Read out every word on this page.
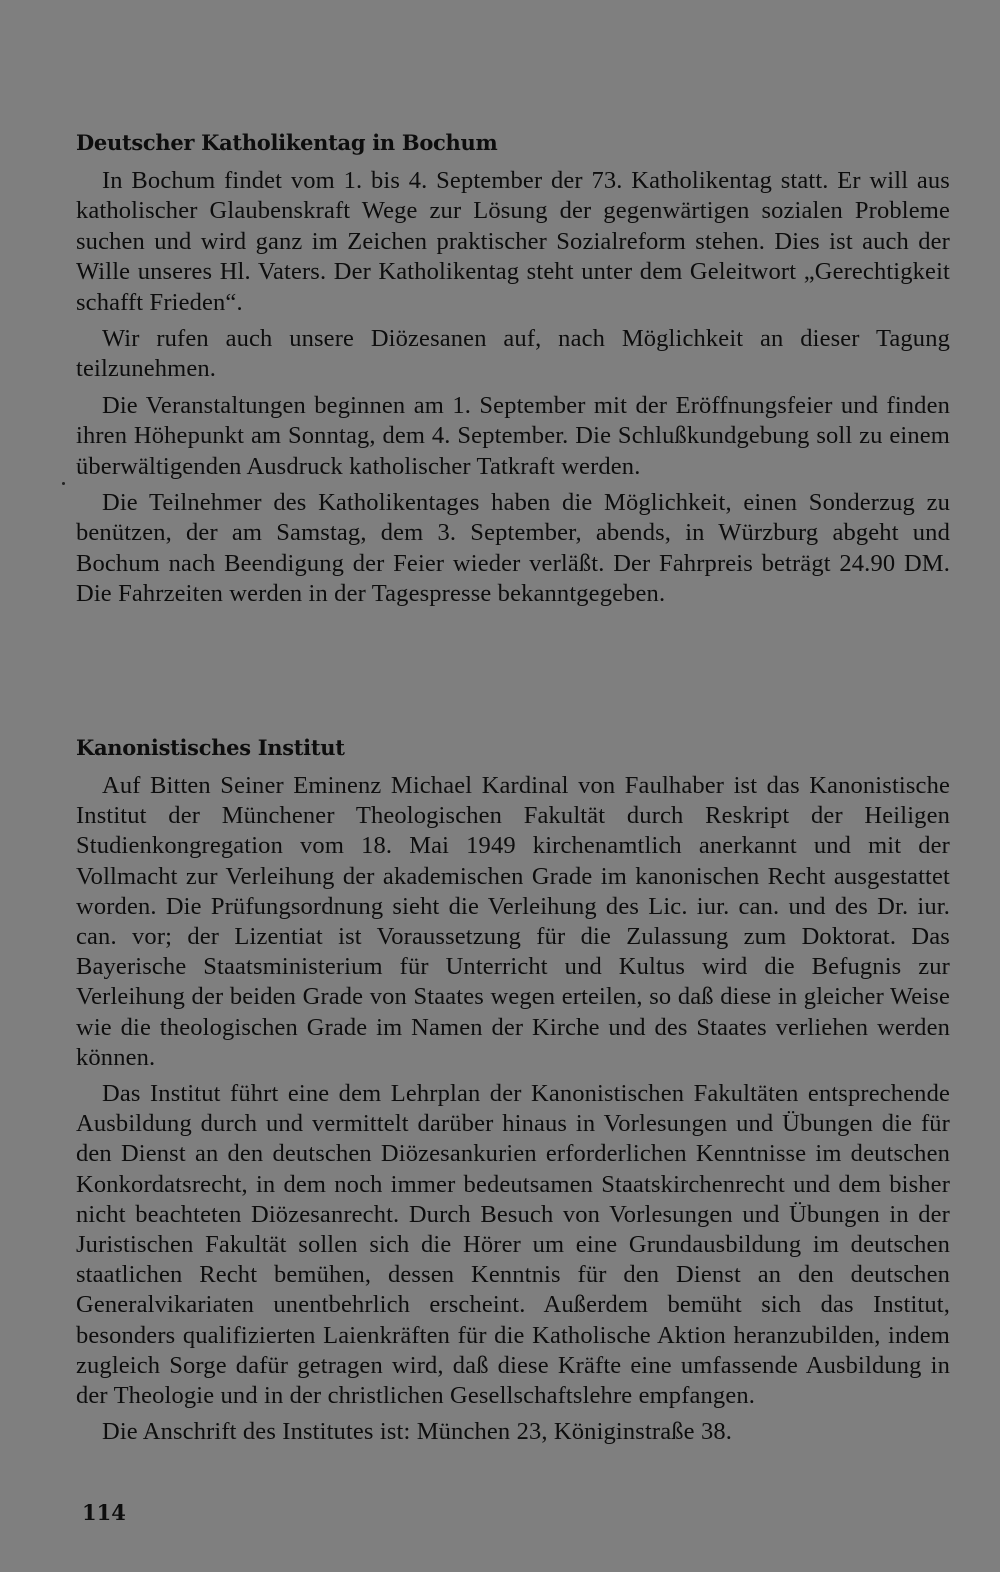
Deutscher Katholikentag in Bochum

In Bochum findet vom 1. bis 4. September der 73. Katholikentag statt. Er will aus katholischer Glaubenskraft Wege zur Lösung der gegenwärtigen sozialen Probleme suchen und wird ganz im Zeichen praktischer Sozialreform stehen. Dies ist auch der Wille unseres Hl. Vaters. Der Katholikentag steht unter dem Geleitwort „Gerechtigkeit schafft Frieden“.

Wir rufen auch unsere Diözesanen auf, nach Möglichkeit an dieser Tagung teilzunehmen.

Die Veranstaltungen beginnen am 1. September mit der Eröffnungsfeier und finden ihren Höhepunkt am Sonntag, dem 4. September. Die Schlußkundgebung soll zu einem überwältigenden Ausdruck katholischer Tatkraft werden.

Die Teilnehmer des Katholikentages haben die Möglichkeit, einen Sonderzug zu benützen, der am Samstag, dem 3. September, abends, in Würzburg abgeht und Bochum nach Beendigung der Feier wieder verläßt. Der Fahrpreis beträgt 24.90 DM. Die Fahrzeiten werden in der Tagespresse bekanntgegeben.

Kanonistisches Institut

Auf Bitten Seiner Eminenz Michael Kardinal von Faulhaber ist das Kanonistische Institut der Münchener Theologischen Fakultät durch Reskript der Heiligen Studienkongregation vom 18. Mai 1949 kirchenamtlich anerkannt und mit der Vollmacht zur Verleihung der akademischen Grade im kanonischen Recht ausgestattet worden. Die Prüfungsordnung sieht die Verleihung des Lic. iur. can. und des Dr. iur. can. vor; der Lizentiat ist Voraussetzung für die Zulassung zum Doktorat. Das Bayerische Staatsministerium für Unterricht und Kultus wird die Befugnis zur Verleihung der beiden Grade von Staates wegen erteilen, so daß diese in gleicher Weise wie die theologischen Grade im Namen der Kirche und des Staates verliehen werden können.

Das Institut führt eine dem Lehrplan der Kanonistischen Fakultäten entsprechende Ausbildung durch und vermittelt darüber hinaus in Vorlesungen und Übungen die für den Dienst an den deutschen Diözesankurien erforderlichen Kenntnisse im deutschen Konkordatsrecht, in dem noch immer bedeutsamen Staatskirchenrecht und dem bisher nicht beachteten Diözesanrecht. Durch Besuch von Vorlesungen und Übungen in der Juristischen Fakultät sollen sich die Hörer um eine Grundausbildung im deutschen staatlichen Recht bemühen, dessen Kenntnis für den Dienst an den deutschen Generalvikariaten unentbehrlich erscheint. Außerdem bemüht sich das Institut, besonders qualifizierten Laienkräften für die Katholische Aktion heranzubilden, indem zugleich Sorge dafür getragen wird, daß diese Kräfte eine umfassende Ausbildung in der Theologie und in der christlichen Gesellschaftslehre empfangen.

Die Anschrift des Institutes ist: München 23, Königinstraße 38.

114
